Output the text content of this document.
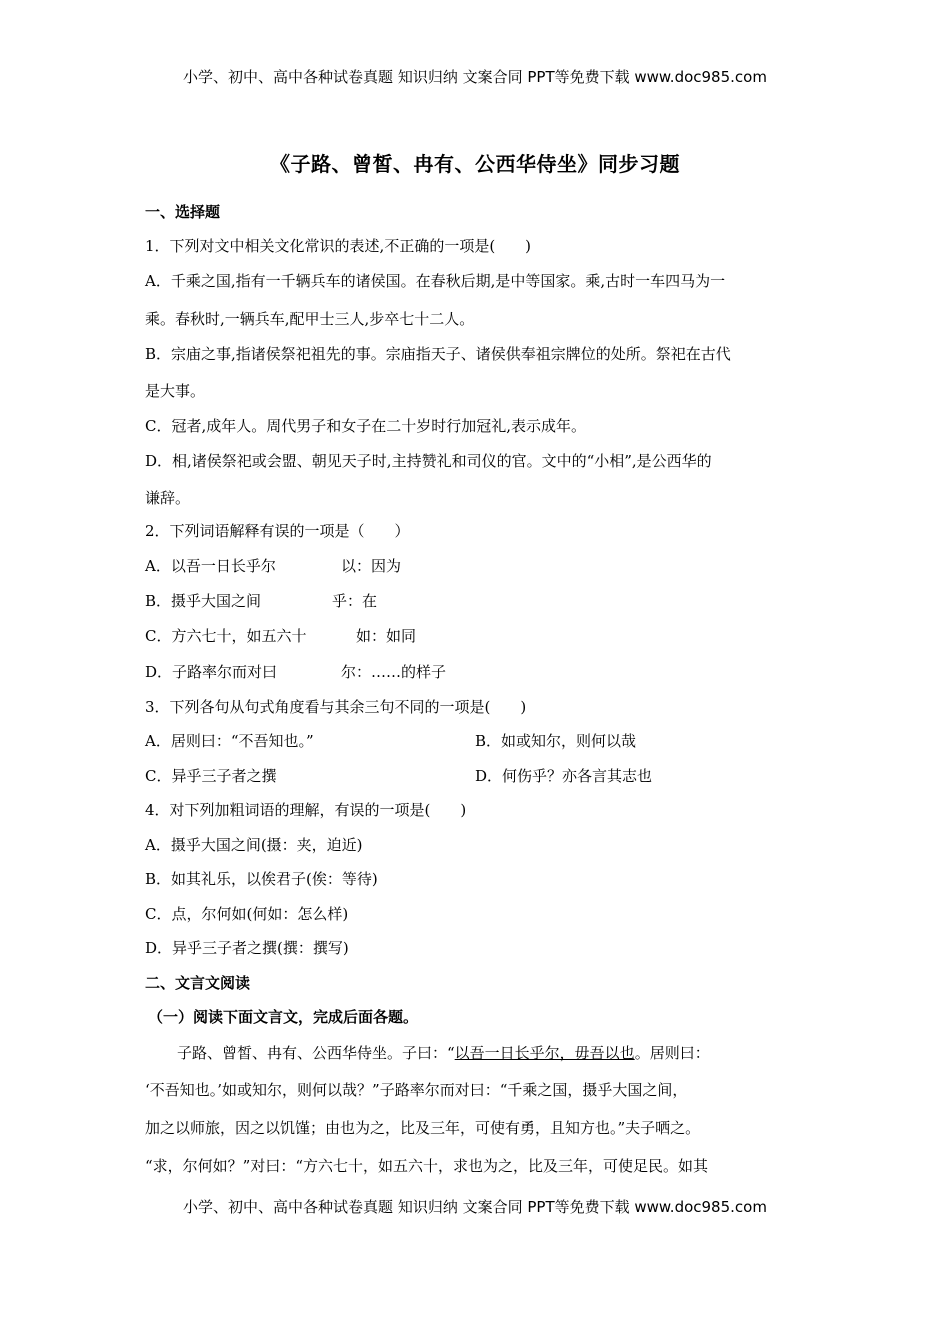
小学、初中、高中各种试卷真题 知识归纳 文案合同 PPT等免费下载 www.doc985.com
《子路、曾皙、冉有、公西华侍坐》同步习题
一、选择题
1．下列对文中相关文化常识的表述,不正确的一项是(　　)
A．千乘之国,指有一千辆兵车的诸侯国。在春秋后期,是中等国家。乘,古时一车四马为一
乘。春秋时,一辆兵车,配甲士三人,步卒七十二人。
B．宗庙之事,指诸侯祭祀祖先的事。宗庙指天子、诸侯供奉祖宗牌位的处所。祭祀在古代
是大事。
C．冠者,成年人。周代男子和女子在二十岁时行加冠礼,表示成年。
D．相,诸侯祭祀或会盟、朝见天子时,主持赞礼和司仪的官。文中的“小相”,是公西华的
谦辞。
2．下列词语解释有误的一项是（　　）
A．以吾一日长乎尔	以：因为
B．摄乎大国之间	乎：在
C．方六七十，如五六十	如：如同
D．子路率尔而对曰	尔：……的样子
3．下列各句从句式角度看与其余三句不同的一项是(　　)
A．居则曰：“不吾知也。”	B．如或知尔，则何以哉
C．异乎三子者之撰	D．何伤乎？亦各言其志也
4．对下列加粗词语的理解，有误的一项是(　　)
A．摄乎大国之间(摄：夹，迫近)
B．如其礼乐，以俟君子(俟：等待)
C．点，尔何如(何如：怎么样)
D．异乎三子者之撰(撰：撰写)
二、文言文阅读
（一）阅读下面文言文，完成后面各题。
子路、曾皙、冉有、公西华侍坐。子曰：“以吾一日长乎尔，毋吾以也。居则曰：
‘不吾知也。’如或知尔，则何以哉？”子路率尔而对曰：“千乘之国，摄乎大国之间，
加之以师旅，因之以饥馑；由也为之，比及三年，可使有勇，且知方也。”夫子哂之。
“求，尔何如？”对曰：“方六七十，如五六十，求也为之，比及三年，可使足民。如其
小学、初中、高中各种试卷真题 知识归纳 文案合同 PPT等免费下载 www.doc985.com
